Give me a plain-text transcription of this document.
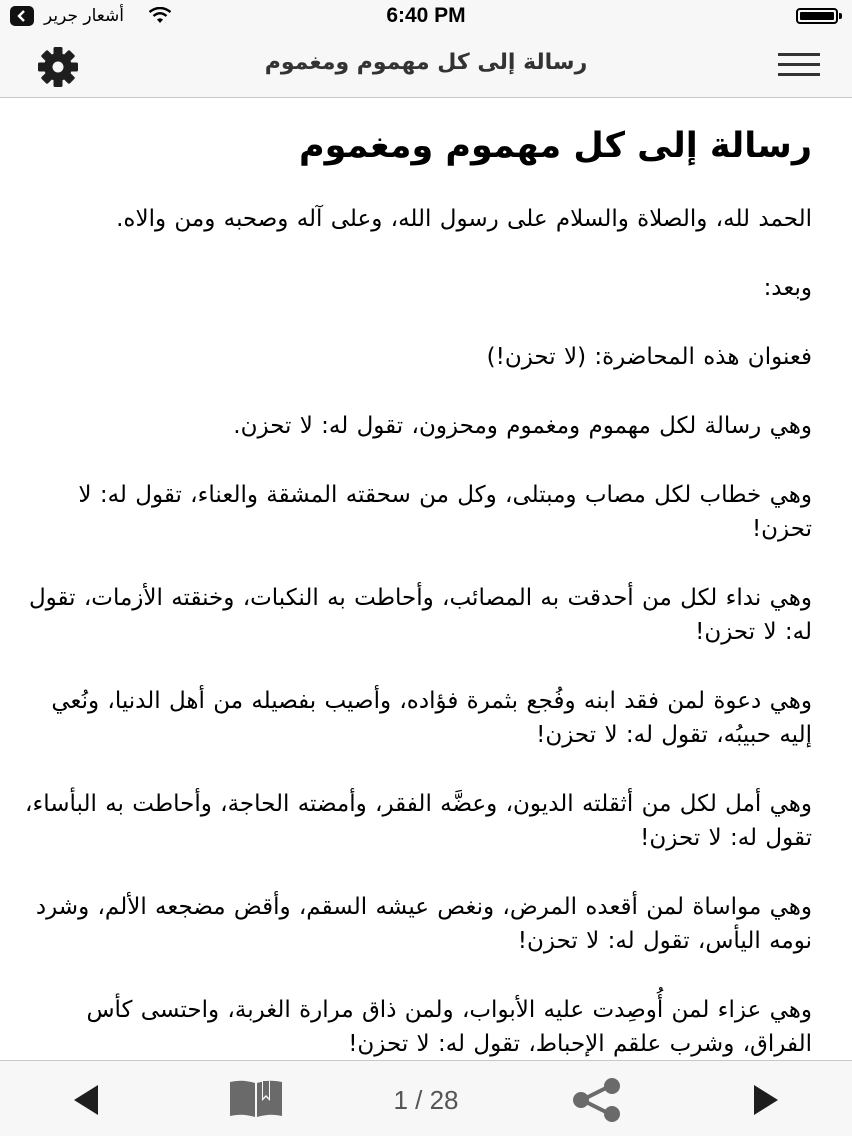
أشعار جرير	6:40 PM
رسالة إلى كل مهموم ومغموم
رسالة إلى كل مهموم ومغموم

الحمد لله، والصلاة والسلام على رسول الله، وعلى آله وصحبه ومن والاه.

وبعد:

فعنوان هذه المحاضرة: (لا تحزن!)

وهي رسالة لكل مهموم ومغموم ومحزون، تقول له: لا تحزن.

وهي خطاب لكل مصاب ومبتلى، وكل من سحقته المشقة والعناء، تقول له: لا تحزن!

وهي نداء لكل من أحدقت به المصائب، وأحاطت به النكبات، وخنقته الأزمات، تقول له: لا تحزن!

وهي دعوة لمن فقد ابنه وفُجع بثمرة فؤاده، وأصيب بفصيله من أهل الدنيا، ونُعي إليه حبيبُه، تقول له: لا تحزن!

وهي أمل لكل من أثقلته الديون، وعضَّه الفقر، وأمضته الحاجة، وأحاطت به البأساء، تقول له: لا تحزن!

وهي مواساة لمن أقعده المرض، ونغص عيشه السقم، وأقض مضجعه الألم، وشرد نومه اليأس، تقول له: لا تحزن!

وهي عزاء لمن أُوصِدت عليه الأبواب، ولمن ذاق مرارة الغربة، واحتسى كأس الفراق، وشرب علقم الإحباط، تقول له: لا تحزن!

1 / 28
